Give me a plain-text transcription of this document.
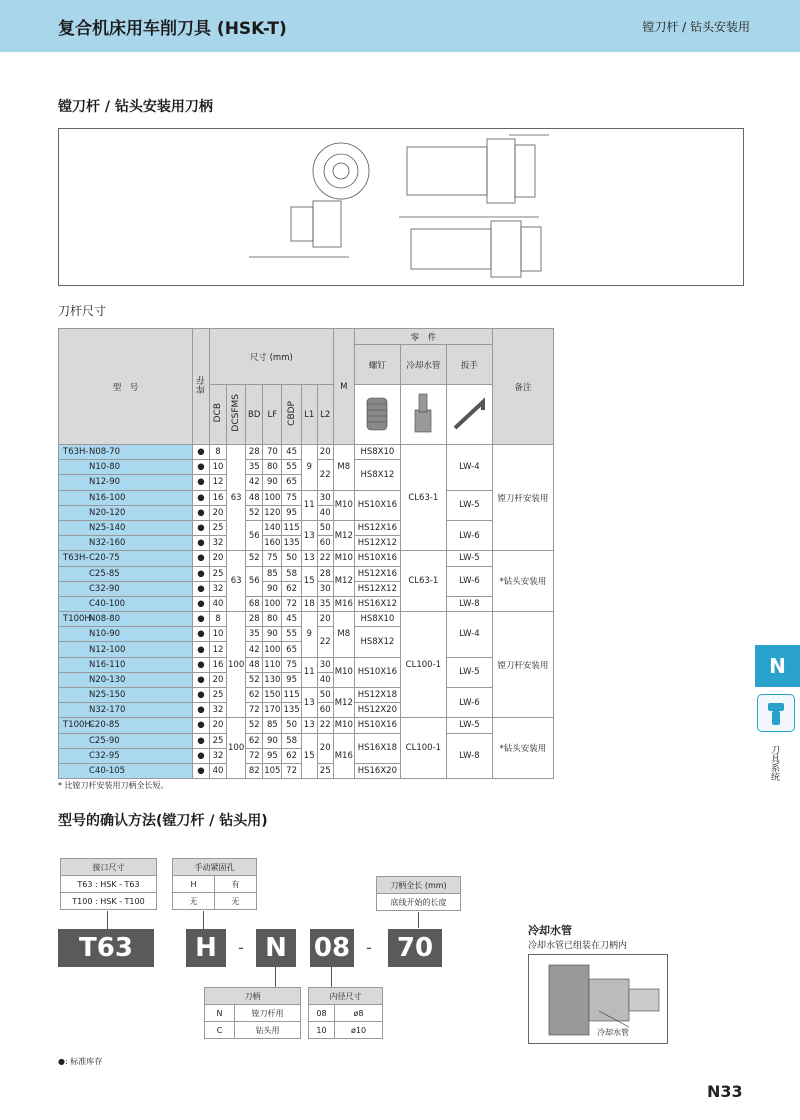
复合机床用车削刀具 (HSK-T)	镗刀杆 / 钻头安装用
镗刀杆 / 钻头安装用刀柄
刀杆尺寸
型　号	库存	尺寸 (mm)							M	零　件			备注
										螺钉	冷却水管	扳手	
		DCB	DCSFMS	BD	LF	CBDP	L1	L2			
T63H-N08-70	●	8	63	28	70	45	9	20	M8	HS8X10	CL63-1	LW-4	镗刀杆安装用
N10-80	●	10		35	80	55		22		HS8X12			
N12-90	●	12		42	90	65							
N16-100	●	16		48	100	75	11	30	M10	HS10X16		LW-5	
N20-120	●	20		52	120	95		40					
N25-140	●	25		56	140	115	13	50	M12	HS12X16		LW-6	
N32-160	●	32			160	135		60		HS12X12			
T63H-C20-75	●	20	63	52	75	50	13	22	M10	HS10X16	CL63-1	LW-5	*钻头安装用
C25-85	●	25		56	85	58	15	28	M12	HS12X16		LW-6	
C32-90	●	32			90	62		30		HS12X12			
C40-100	●	40		68	100	72	18	35	M16	HS16X12		LW-8	
T100H-N08-80	●	8	100	28	80	45	9	20	M8	HS8X10	CL100-1	LW-4	镗刀杆安装用
N10-90	●	10		35	90	55		22		HS8X12			
N12-100	●	12		42	100	65							
N16-110	●	16		48	110	75	11	30	M10	HS10X16		LW-5	
N20-130	●	20		52	130	95		40					
N25-150	●	25		62	150	115	13	50	M12	HS12X18		LW-6	
N32-170	●	32		72	170	135		60		HS12X20			
T100H-C20-85	●	20	100	52	85	50	13	22	M10	HS10X16	CL100-1	LW-5	*钻头安装用
C25-90	●	25		62	90	58	15	20	M16	HS16X18		LW-8	
C32-95	●	32		72	95	62							
C40-105	●	40		82	105	72		25		HS16X20			
* 比镗刀杆安装用刀柄全长短。
型号的确认方法(镗刀杆 / 钻头用)
接口尺寸
T63 : HSK - T63
T100 : HSK - T100
手动紧固孔	
H	有
无	无
刀柄全长 (mm)
底线开始的长度
T63	H	- N	08 - 70
刀柄	
N	镗刀杆用
C	钻头用
内径尺寸	
08	ø8
10	ø10
冷却水管
冷却水管已组装在刀柄内
冷却水管
●: 标准库存
N
刀具系统
N33
